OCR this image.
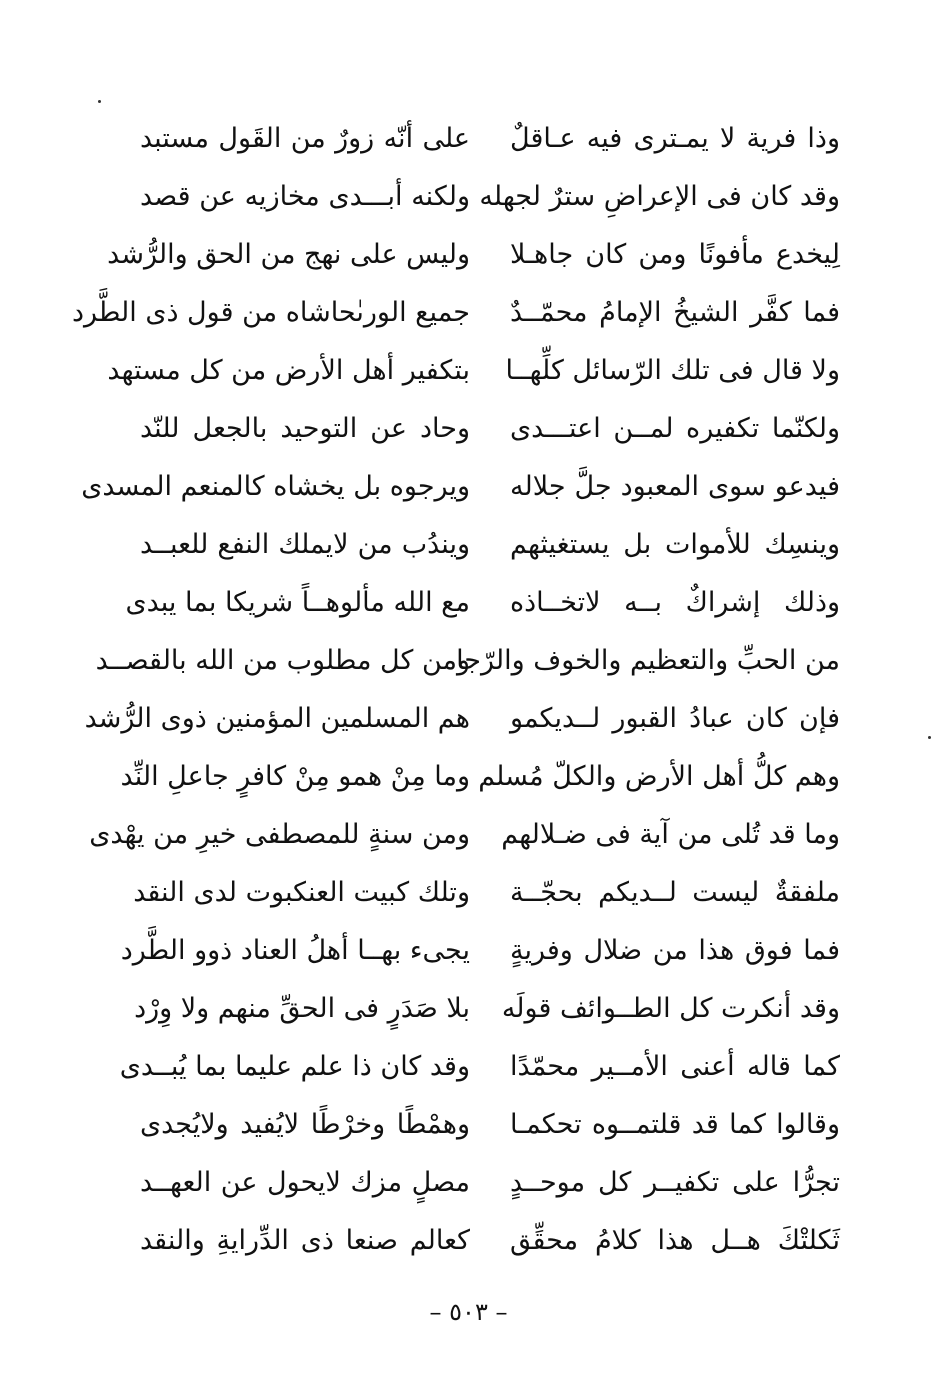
وذا فرية لا يمـترى فيه عـاقلٌ
على أنّه زورٌ من القَول مستبد
وقد كان فى الإعراضِ سترٌ لجهله
ولكنه أبـــدى مخازيه عن قصد
لِيخدع مأفونًا ومن كان جاهـلا
وليس على نهج من الحق والرُّشد
فما كفَّر الشيخُ الإمامُ محمّــدٌ
جميع الورىٰحاشاه من قول ذى الطَّرد
ولا قال فى تلك الرّسائل كلِّهــا
بتكفير أهل الأرض من كل مستهد
ولكنّما تكفيره لمــن اعتـــدى
وحاد عن التوحيد بالجعل للنّد
فيدعو سوى المعبود جلَّ جلاله
ويرجوه بل يخشاه كالمنعم المسدى
وينسِك للأموات بل يستغيثهم
ويندُب من لايملك النفع للعبــد
وذلك إشراكٌ بــه لاتخــاذه
مع الله مألوهــاً شريكا بما يبدى
من الحبِّ والتعظيم والخوف والرّجا
ومن كل مطلوب من الله بالقصــد
فإن كان عبادُ القبور لــديكمو
هم المسلمين المؤمنين ذوى الرُّشد
وهم كلُّ أهل الأرض والكلّ مُسلم
وما مِنْ همو مِنْ كافرٍ جاعلِ النِّد
وما قد تُلى من آية فى ضـلالهم
ومن سنةٍ للمصطفى خيرِ من يهْدى
ملفقةٌ ليست لــديكم بحجّــة
وتلك كبيت العنكبوت لدى النقد
فما فوق هذا من ضلال وفريةٍ
يجىء بهــا أهلُ العناد ذوو الطَّرد
وقد أنكرت كل الطــوائف قولَه
بلا صَدَرٍ فى الحقِّ منهم ولا وِرْد
كما قاله أعنى الأمــير محمّدًا
وقد كان ذا علم عليما بما يُبــدى
وقالوا كما قد قلتمــوه تحكمـا
وهمْطًا وخرْطًا لايُفيد ولايُجدى
تجرُّا على تكفيــر كل موحــدٍ
مصلٍ مزك لايحول عن العهــد
ثَكلتْكَ هــل هذا كلامُ محقِّق
كعالم صنعا ذى الدِّرايةِ والنقد
– ٥٠٣ –
